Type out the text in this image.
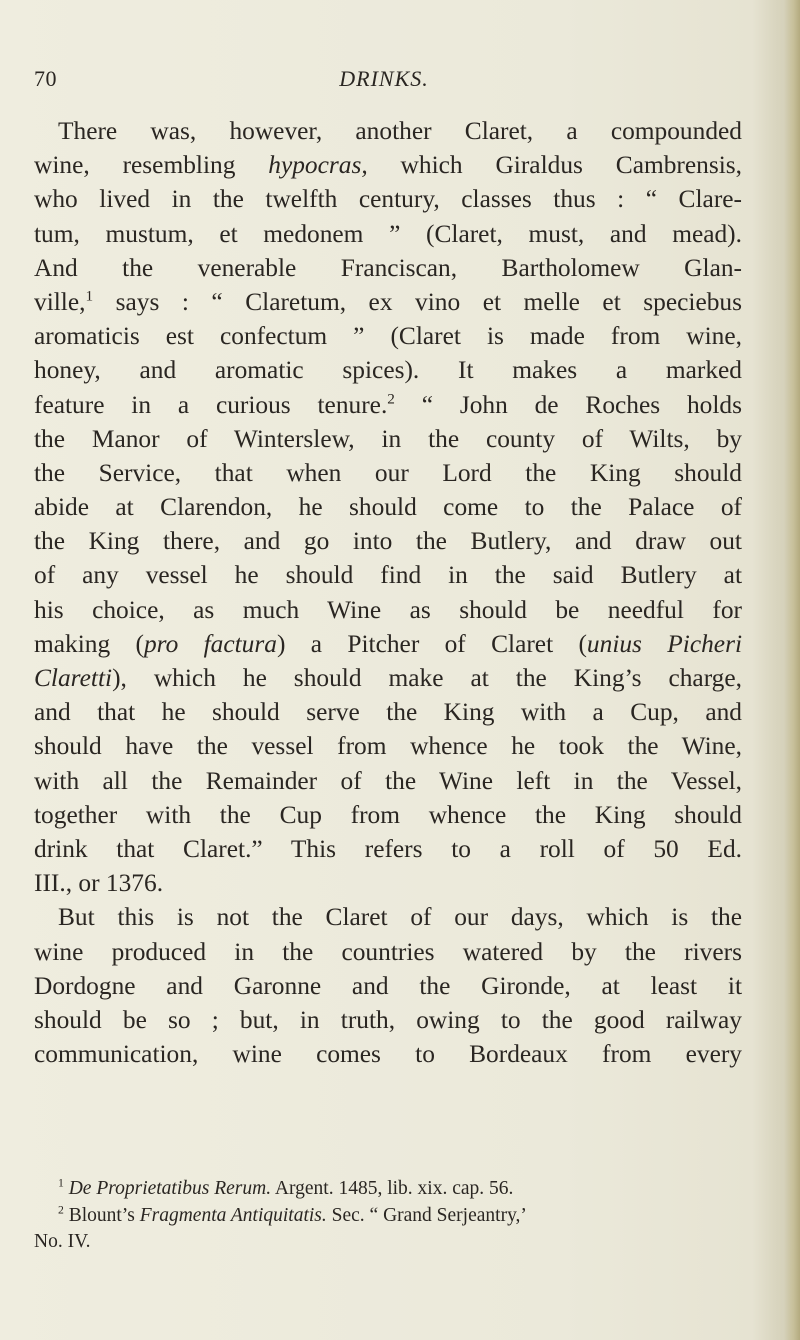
70	DRINKS.
There was, however, another Claret, a compounded
wine, resembling hypocras, which Giraldus Cambrensis,
who lived in the twelfth century, classes thus : “ Clare-
tum, mustum, et medonem ” (Claret, must, and mead).
And the venerable Franciscan, Bartholomew Glan-
ville,$^1$ says : “ Claretum, ex vino et melle et speciebus
aromaticis est confectum ” (Claret is made from wine,
honey, and aromatic spices). It makes a marked
feature in a curious tenure.$^2$ “ John de Roches holds
the Manor of Winterslew, in the county of Wilts, by
the Service, that when our Lord the King should
abide at Clarendon, he should come to the Palace of
the King there, and go into the Butlery, and draw out
of any vessel he should find in the said Butlery at
his choice, as much Wine as should be needful for
making (pro factura) a Pitcher of Claret (unius Picheri
Claretti), which he should make at the King’s charge,
and that he should serve the King with a Cup, and
should have the vessel from whence he took the Wine,
with all the Remainder of the Wine left in the Vessel,
together with the Cup from whence the King should
drink that Claret.” This refers to a roll of 50 Ed.
III., or 1376.
But this is not the Claret of our days, which is the
wine produced in the countries watered by the rivers
Dordogne and Garonne and the Gironde, at least it
should be so ; but, in truth, owing to the good railway
communication, wine comes to Bordeaux from every
$^1$ De Proprietatibus Rerum. Argent. 1485, lib. xix. cap. 56.
$^2$ Blount’s Fragmenta Antiquitatis. Sec. “ Grand Serjeantry,’
No. IV.
